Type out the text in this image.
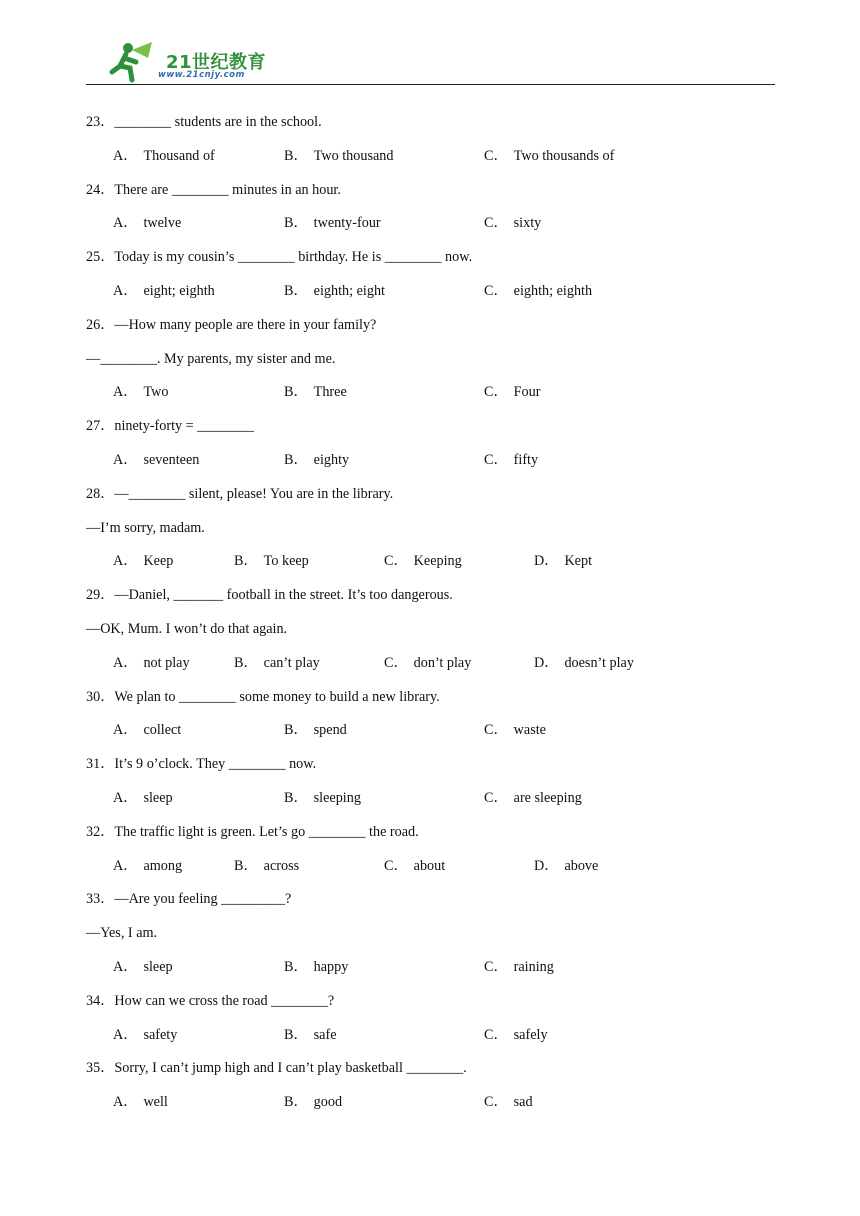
21世纪教育
www.21cnjy.com
23．________ students are in the school.
A． Thousand of	B． Two thousand	C． Two thousands of
24．There are ________ minutes in an hour.
A． twelve	B． twenty-four	C． sixty
25．Today is my cousin’s ________ birthday. He is ________ now.
A． eight; eighth	B． eighth; eight	C． eighth; eighth
26．—How many people are there in your family?
—________. My parents, my sister and me.
A． Two	B． Three	C． Four
27．ninety-forty = ________
A． seventeen	B． eighty	C． fifty
28．—________ silent, please! You are in the library.
—I’m sorry, madam.
A． Keep	B． To keep	C． Keeping	D． Kept
29．—Daniel, _______ football in the street. It’s too dangerous.
—OK, Mum. I won’t do that again.
A． not play	B． can’t play	C． don’t play	D． doesn’t play
30．We plan to ________ some money to build a new library.
A． collect	B． spend	C． waste
31．It’s 9 o’clock. They ________ now.
A． sleep	B． sleeping	C． are sleeping
32．The traffic light is green. Let’s go ________ the road.
A． among	B． across	C． about	D． above
33．—Are you feeling _________?
—Yes, I am.
A． sleep	B． happy	C． raining
34．How can we cross the road ________?
A． safety	B． safe	C． safely
35．Sorry, I can’t jump high and I can’t play basketball ________.
A． well	B． good	C． sad
